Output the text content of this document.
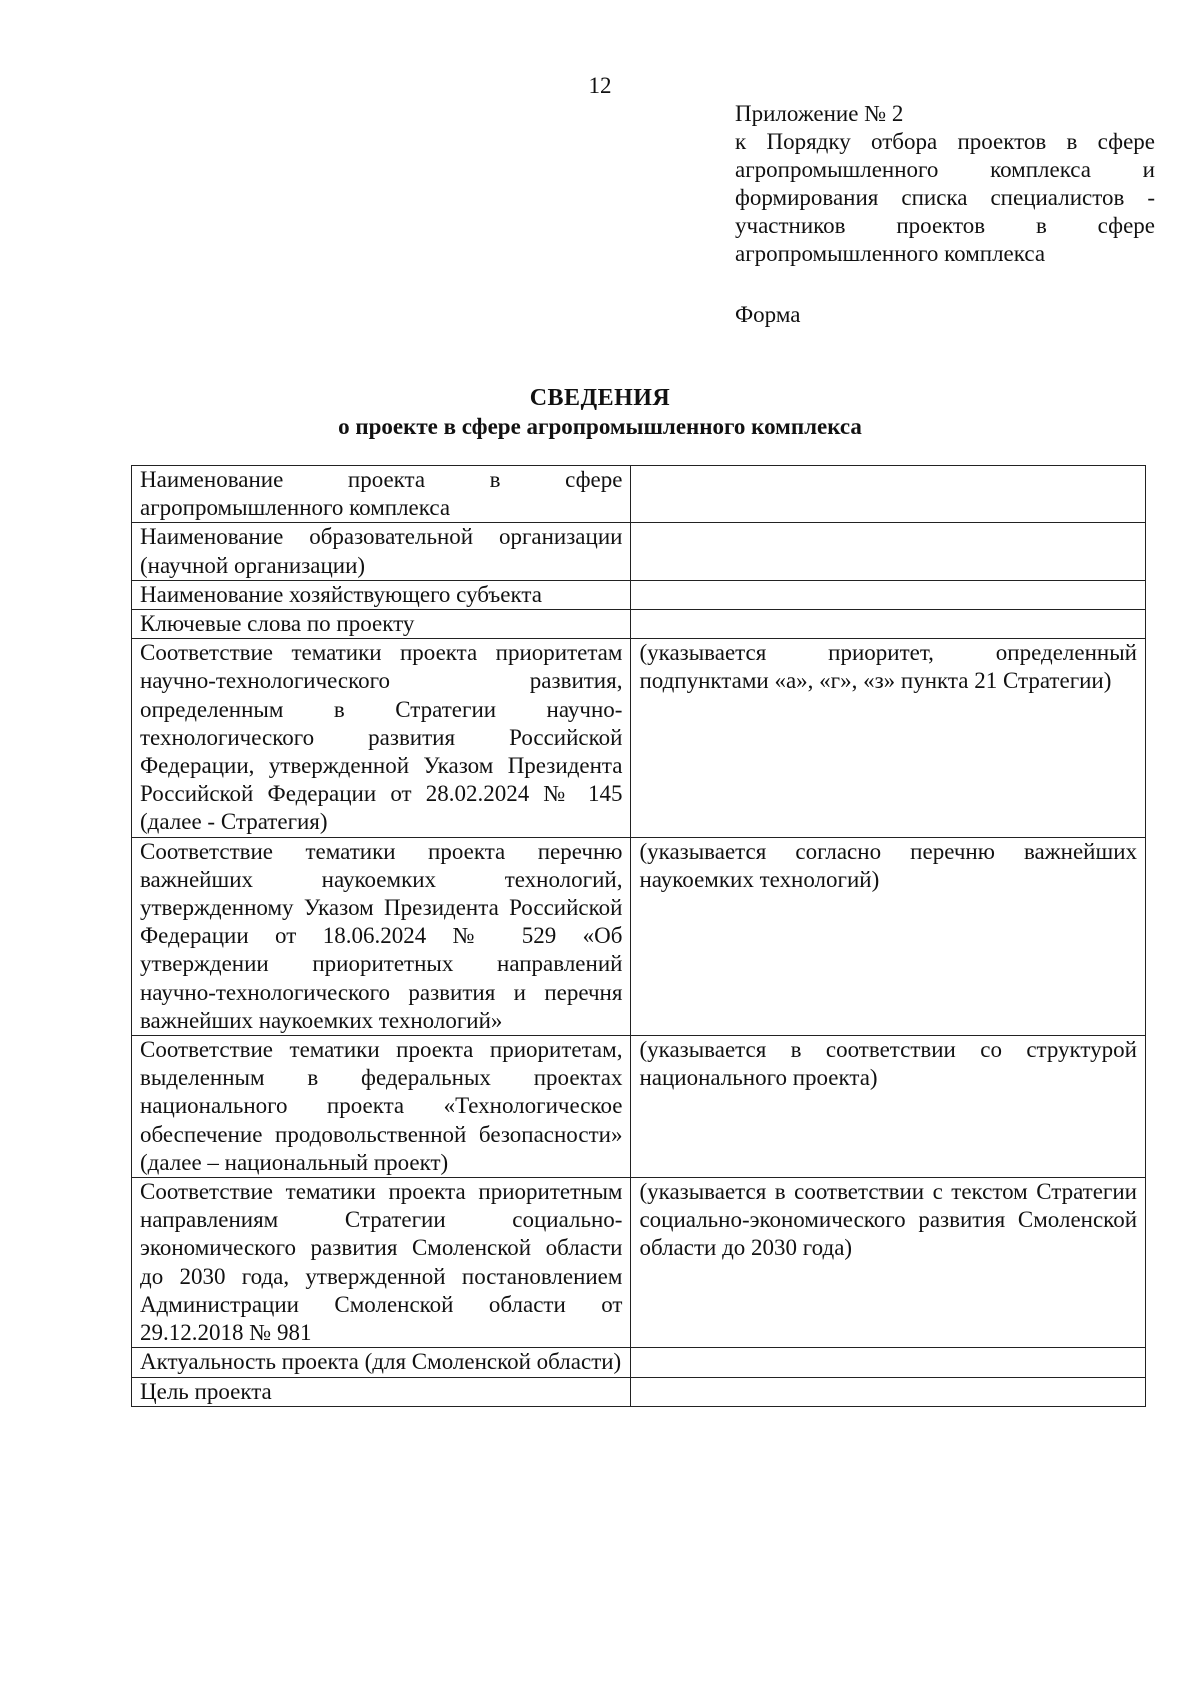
12
Приложение № 2
к Порядку отбора проектов в сфере
агропромышленного комплекса и
формирования списка специалистов -
участников проектов в сфере
агропромышленного комплекса
Форма
СВЕДЕНИЯ
о проекте в сфере агропромышленного комплекса
Наименование проекта в сфере агропромышленного комплекса	
Наименование образовательной организации (научной организации)	
Наименование хозяйствующего субъекта	
Ключевые слова по проекту	
Соответствие тематики проекта приоритетам научно-технологического развития, определенным в Стратегии научно-технологического развития Российской Федерации, утвержденной Указом Президента Российской Федерации от 28.02.2024 № 145 (далее - Стратегия)	(указывается приоритет, определенный подпунктами «а», «г», «з» пункта 21 Стратегии)
Соответствие тематики проекта перечню важнейших наукоемких технологий, утвержденному Указом Президента Российской Федерации от 18.06.2024 № 529 «Об утверждении приоритетных направлений научно-технологического развития и перечня важнейших наукоемких технологий»	(указывается согласно перечню важнейших наукоемких технологий)
Соответствие тематики проекта приоритетам, выделенным в федеральных проектах национального проекта «Технологическое обеспечение продовольственной безопасности» (далее – национальный проект)	(указывается в соответствии со структурой национального проекта)
Соответствие тематики проекта приоритетным направлениям Стратегии социально-экономического развития Смоленской области до 2030 года, утвержденной постановлением Администрации Смоленской области от 29.12.2018 № 981	(указывается в соответствии с текстом Стратегии социально-экономического развития Смоленской области до 2030 года)
Актуальность проекта (для Смоленской области)	
Цель проекта	
